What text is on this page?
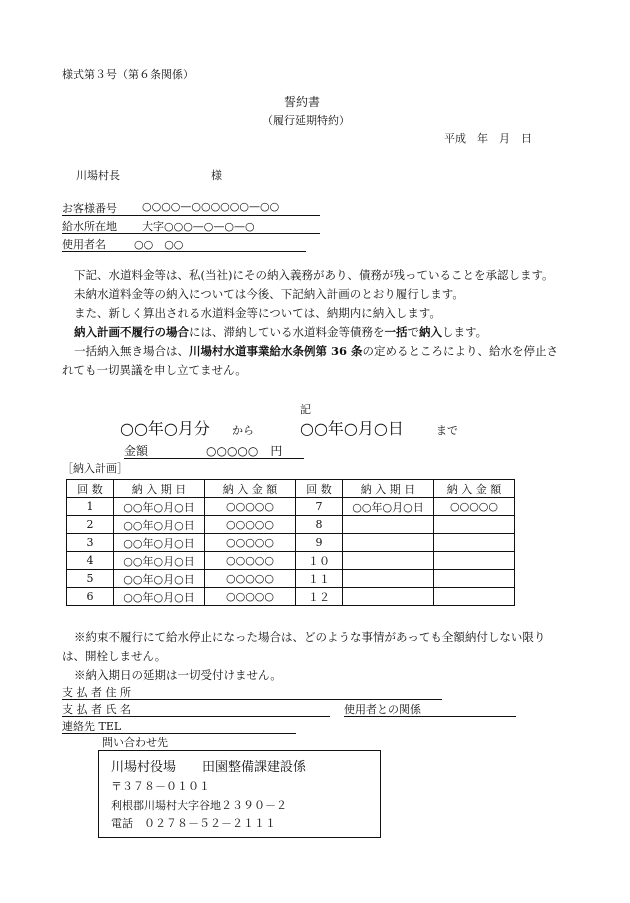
様式第３号（第６条関係）
誓約書
（履行延期特約）
平成　年　月　日
川場村長	様
お客様番号 ○○○○—○○○○○○—○○
給水所在地 大字○○○—○—○—○
使用者名	○○　○○

下記、水道料金等は、私(当社)にその納入義務があり、債務が残っていることを承認します。

未納水道料金等の納入については今後、下記納入計画のとおり履行します。

また、新しく算出される水道料金等については、納期内に納入します。

納入計画不履行の場合には、滞納している水道料金等債務を一括で納入します。

一括納入無き場合は、川場村水道事業給水条例第 36 条の定めるところにより、給水を停止されても一切異議を申し立てません。

記
○○年○月分 から	○○年○月○日	まで
金額	○○○○○　円
［納入計画］
回 数	納 入 期 日	納 入 金 額	回 数	納 入 期 日	納 入 金 額
1	○○年○月○日	○○○○○	7	○○年○月○日	○○○○○
2	○○年○月○日	○○○○○	8		
3	○○年○月○日	○○○○○	9		
4	○○年○月○日	○○○○○	１０		
5	○○年○月○日	○○○○○	１１		
6	○○年○月○日	○○○○○	１２		

※約束不履行にて給水停止になった場合は、どのような事情があっても全額納付しない限りは、開栓しません。

※納入期日の延期は一切受付けません。

支 払 者 住 所
支 払 者 氏 名	使用者との関係
連絡先 TEL
問い合わせ先
川場村役場　　田園整備課建設係
〒３７８－０１０１
利根郡川場村大字谷地２３９０－２
電話　０２７８－５２－２１１１
